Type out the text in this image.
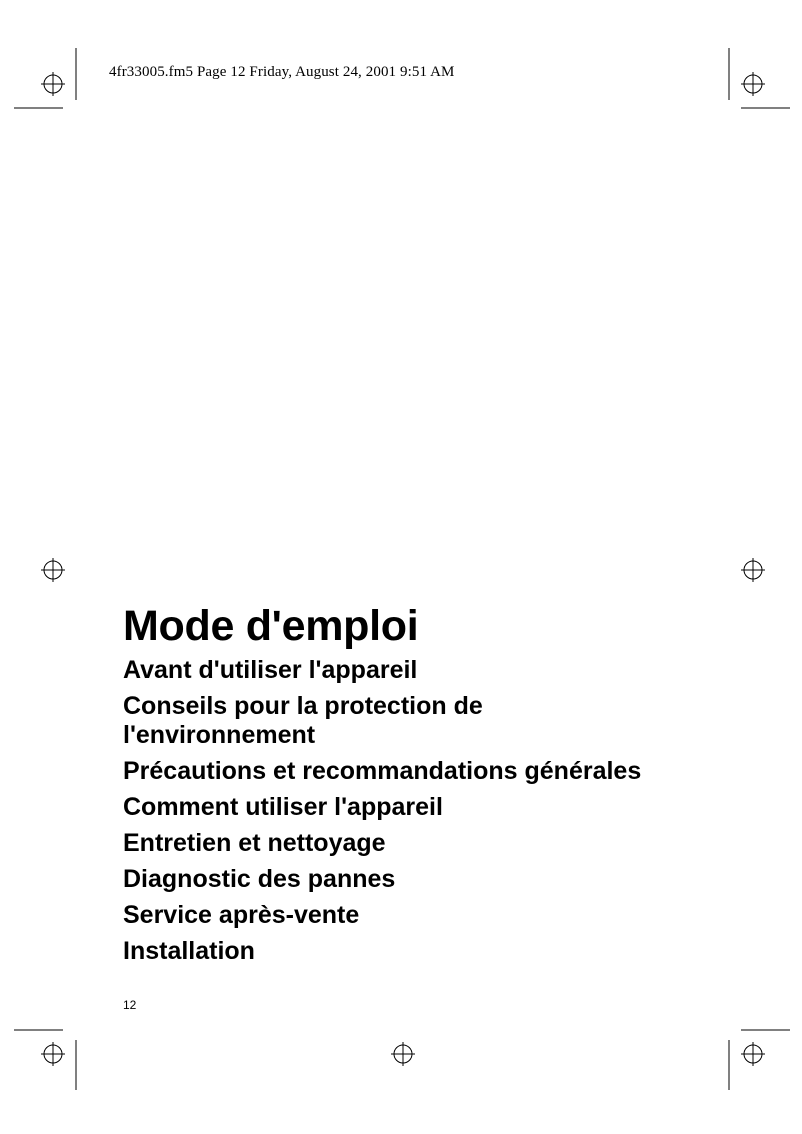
4fr33005.fm5 Page 12 Friday, August 24, 2001 9:51 AM
Mode d'emploi
Avant d'utiliser l'appareil
Conseils pour la protection de l'environnement
Précautions et recommandations générales
Comment utiliser l'appareil
Entretien et nettoyage
Diagnostic des pannes
Service après-vente
Installation
12
